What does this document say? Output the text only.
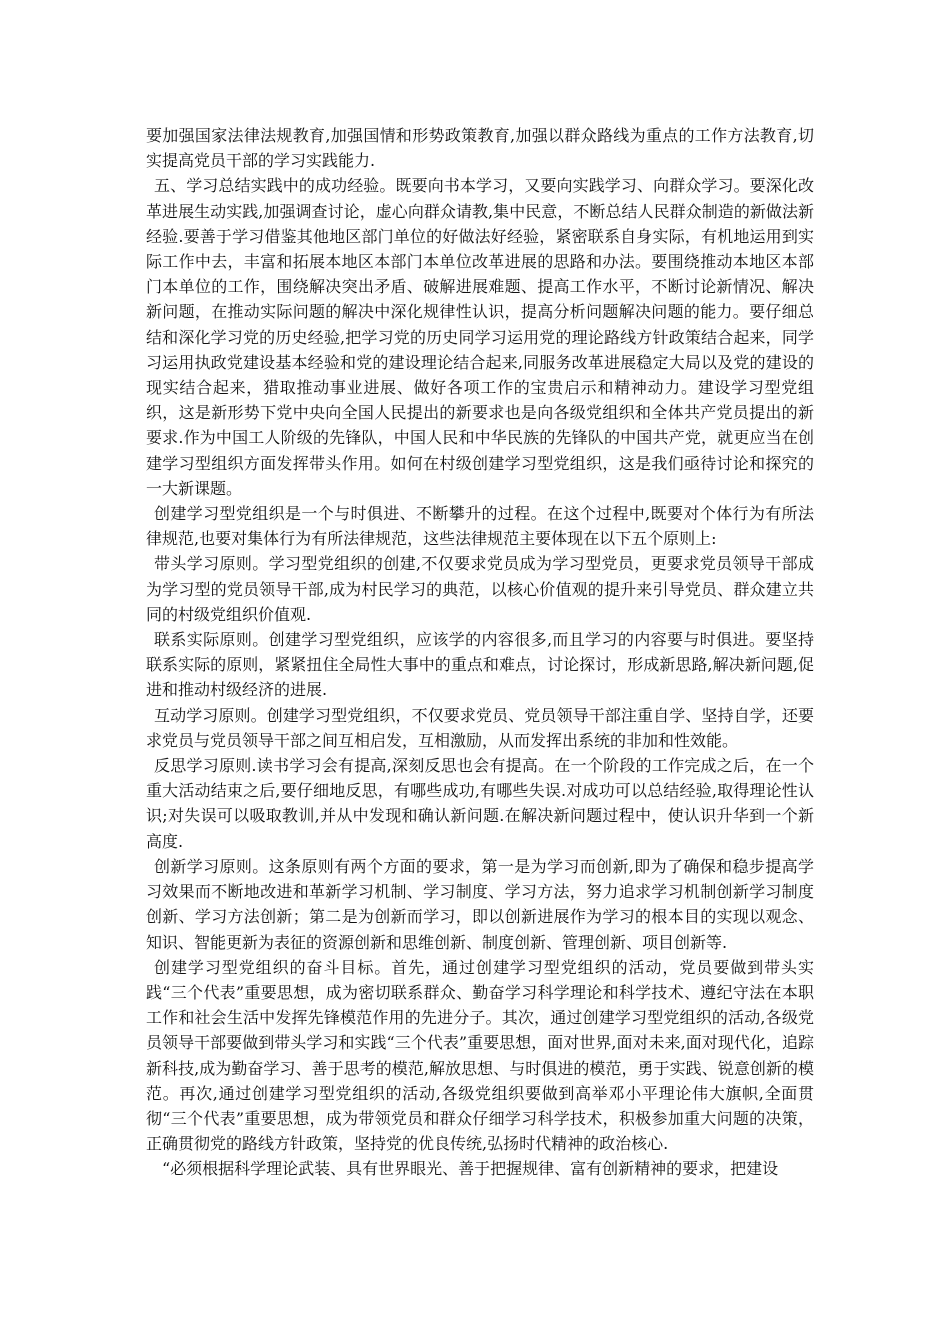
要加强国家法律法规教育,加强国情和形势政策教育,加强以群众路线为重点的工作方法教育,切实提高党员干部的学习实践能力.

五、学习总结实践中的成功经验。既要向书本学习，又要向实践学习、向群众学习。要深化改革进展生动实践,加强调查讨论，虚心向群众请教,集中民意，不断总结人民群众制造的新做法新经验.要善于学习借鉴其他地区部门单位的好做法好经验，紧密联系自身实际，有机地运用到实际工作中去，丰富和拓展本地区本部门本单位改革进展的思路和办法。要围绕推动本地区本部门本单位的工作，围绕解决突出矛盾、破解进展难题、提高工作水平，不断讨论新情况、解决新问题，在推动实际问题的解决中深化规律性认识，提高分析问题解决问题的能力。要仔细总结和深化学习党的历史经验,把学习党的历史同学习运用党的理论路线方针政策结合起来，同学习运用执政党建设基本经验和党的建设理论结合起来,同服务改革进展稳定大局以及党的建设的现实结合起来，猎取推动事业进展、做好各项工作的宝贵启示和精神动力。建设学习型党组织，这是新形势下党中央向全国人民提出的新要求也是向各级党组织和全体共产党员提出的新要求.作为中国工人阶级的先锋队，中国人民和中华民族的先锋队的中国共产党，就更应当在创建学习型组织方面发挥带头作用。如何在村级创建学习型党组织，这是我们亟待讨论和探究的一大新课题。

创建学习型党组织是一个与时俱进、不断攀升的过程。在这个过程中,既要对个体行为有所法律规范,也要对集体行为有所法律规范，这些法律规范主要体现在以下五个原则上:

带头学习原则。学习型党组织的创建,不仅要求党员成为学习型党员，更要求党员领导干部成为学习型的党员领导干部,成为村民学习的典范，以核心价值观的提升来引导党员、群众建立共同的村级党组织价值观.

联系实际原则。创建学习型党组织，应该学的内容很多,而且学习的内容要与时俱进。要坚持联系实际的原则，紧紧扭住全局性大事中的重点和难点，讨论探讨，形成新思路,解决新问题,促进和推动村级经济的进展.

互动学习原则。创建学习型党组织，不仅要求党员、党员领导干部注重自学、坚持自学，还要求党员与党员领导干部之间互相启发，互相激励，从而发挥出系统的非加和性效能。

反思学习原则.读书学习会有提高,深刻反思也会有提高。在一个阶段的工作完成之后，在一个重大活动结束之后,要仔细地反思，有哪些成功,有哪些失误.对成功可以总结经验,取得理论性认识;对失误可以吸取教训,并从中发现和确认新问题.在解决新问题过程中，使认识升华到一个新高度.

创新学习原则。这条原则有两个方面的要求，第一是为学习而创新,即为了确保和稳步提高学习效果而不断地改进和革新学习机制、学习制度、学习方法，努力追求学习机制创新学习制度创新、学习方法创新；第二是为创新而学习，即以创新进展作为学习的根本目的实现以观念、知识、智能更新为表征的资源创新和思维创新、制度创新、管理创新、项目创新等.

创建学习型党组织的奋斗目标。首先，通过创建学习型党组织的活动，党员要做到带头实践“三个代表”重要思想，成为密切联系群众、勤奋学习科学理论和科学技术、遵纪守法在本职工作和社会生活中发挥先锋模范作用的先进分子。其次，通过创建学习型党组织的活动,各级党员领导干部要做到带头学习和实践“三个代表”重要思想，面对世界,面对未来,面对现代化，追踪新科技,成为勤奋学习、善于思考的模范,解放思想、与时俱进的模范，勇于实践、锐意创新的模范。再次,通过创建学习型党组织的活动,各级党组织要做到高举邓小平理论伟大旗帜,全面贯彻“三个代表”重要思想，成为带领党员和群众仔细学习科学技术，积极参加重大问题的决策，正确贯彻党的路线方针政策，坚持党的优良传统,弘扬时代精神的政治核心.

“必须根据科学理论武装、具有世界眼光、善于把握规律、富有创新精神的要求，把建设
